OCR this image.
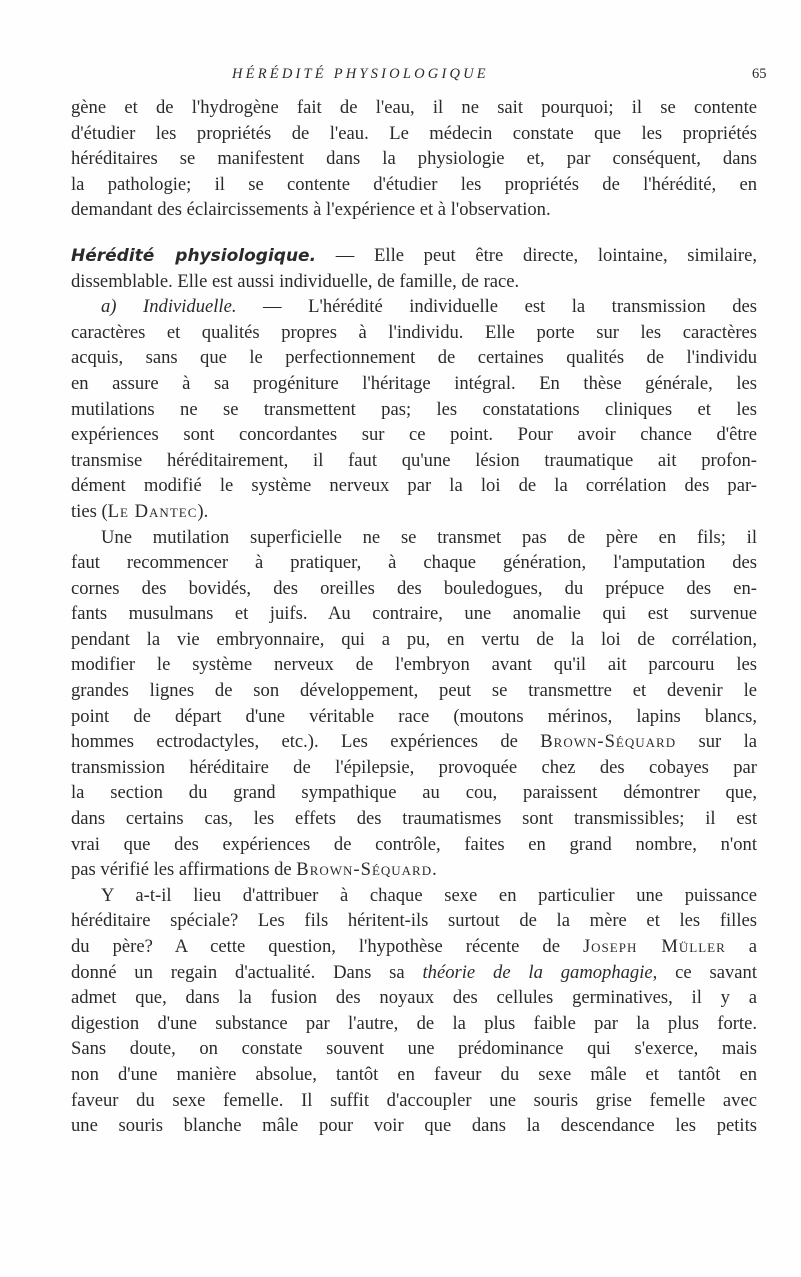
HÉRÉDITÉ PHYSIOLOGIQUE	65
gène et de l'hydrogène fait de l'eau, il ne sait pourquoi; il se contente
d'étudier les propriétés de l'eau. Le médecin constate que les propriétés
héréditaires se manifestent dans la physiologie et, par conséquent, dans
la pathologie; il se contente d'étudier les propriétés de l'hérédité, en
demandant des éclaircissements à l'expérience et à l'observation.
Hérédité physiologique. — Elle peut être directe, lointaine, similaire,
dissemblable. Elle est aussi individuelle, de famille, de race.
a) Individuelle. — L'hérédité individuelle est la transmission des
caractères et qualités propres à l'individu. Elle porte sur les caractères
acquis, sans que le perfectionnement de certaines qualités de l'individu
en assure à sa progéniture l'héritage intégral. En thèse générale, les
mutilations ne se transmettent pas; les constatations cliniques et les
expériences sont concordantes sur ce point. Pour avoir chance d'être
transmise héréditairement, il faut qu'une lésion traumatique ait profon-
dément modifié le système nerveux par la loi de la corrélation des par-
ties (Le Dantec).
Une mutilation superficielle ne se transmet pas de père en fils; il
faut recommencer à pratiquer, à chaque génération, l'amputation des
cornes des bovidés, des oreilles des bouledogues, du prépuce des en-
fants musulmans et juifs. Au contraire, une anomalie qui est survenue
pendant la vie embryonnaire, qui a pu, en vertu de la loi de corrélation,
modifier le système nerveux de l'embryon avant qu'il ait parcouru les
grandes lignes de son développement, peut se transmettre et devenir le
point de départ d'une véritable race (moutons mérinos, lapins blancs,
hommes ectrodactyles, etc.). Les expériences de Brown-Séquard sur la
transmission héréditaire de l'épilepsie, provoquée chez des cobayes par
la section du grand sympathique au cou, paraissent démontrer que,
dans certains cas, les effets des traumatismes sont transmissibles; il est
vrai que des expériences de contrôle, faites en grand nombre, n'ont
pas vérifié les affirmations de Brown-Séquard.
Y a-t-il lieu d'attribuer à chaque sexe en particulier une puissance
héréditaire spéciale? Les fils héritent-ils surtout de la mère et les filles
du père? A cette question, l'hypothèse récente de Joseph Müller a
donné un regain d'actualité. Dans sa théorie de la gamophagie, ce savant
admet que, dans la fusion des noyaux des cellules germinatives, il y a
digestion d'une substance par l'autre, de la plus faible par la plus forte.
Sans doute, on constate souvent une prédominance qui s'exerce, mais
non d'une manière absolue, tantôt en faveur du sexe mâle et tantôt en
faveur du sexe femelle. Il suffit d'accoupler une souris grise femelle avec
une souris blanche mâle pour voir que dans la descendance les petits
